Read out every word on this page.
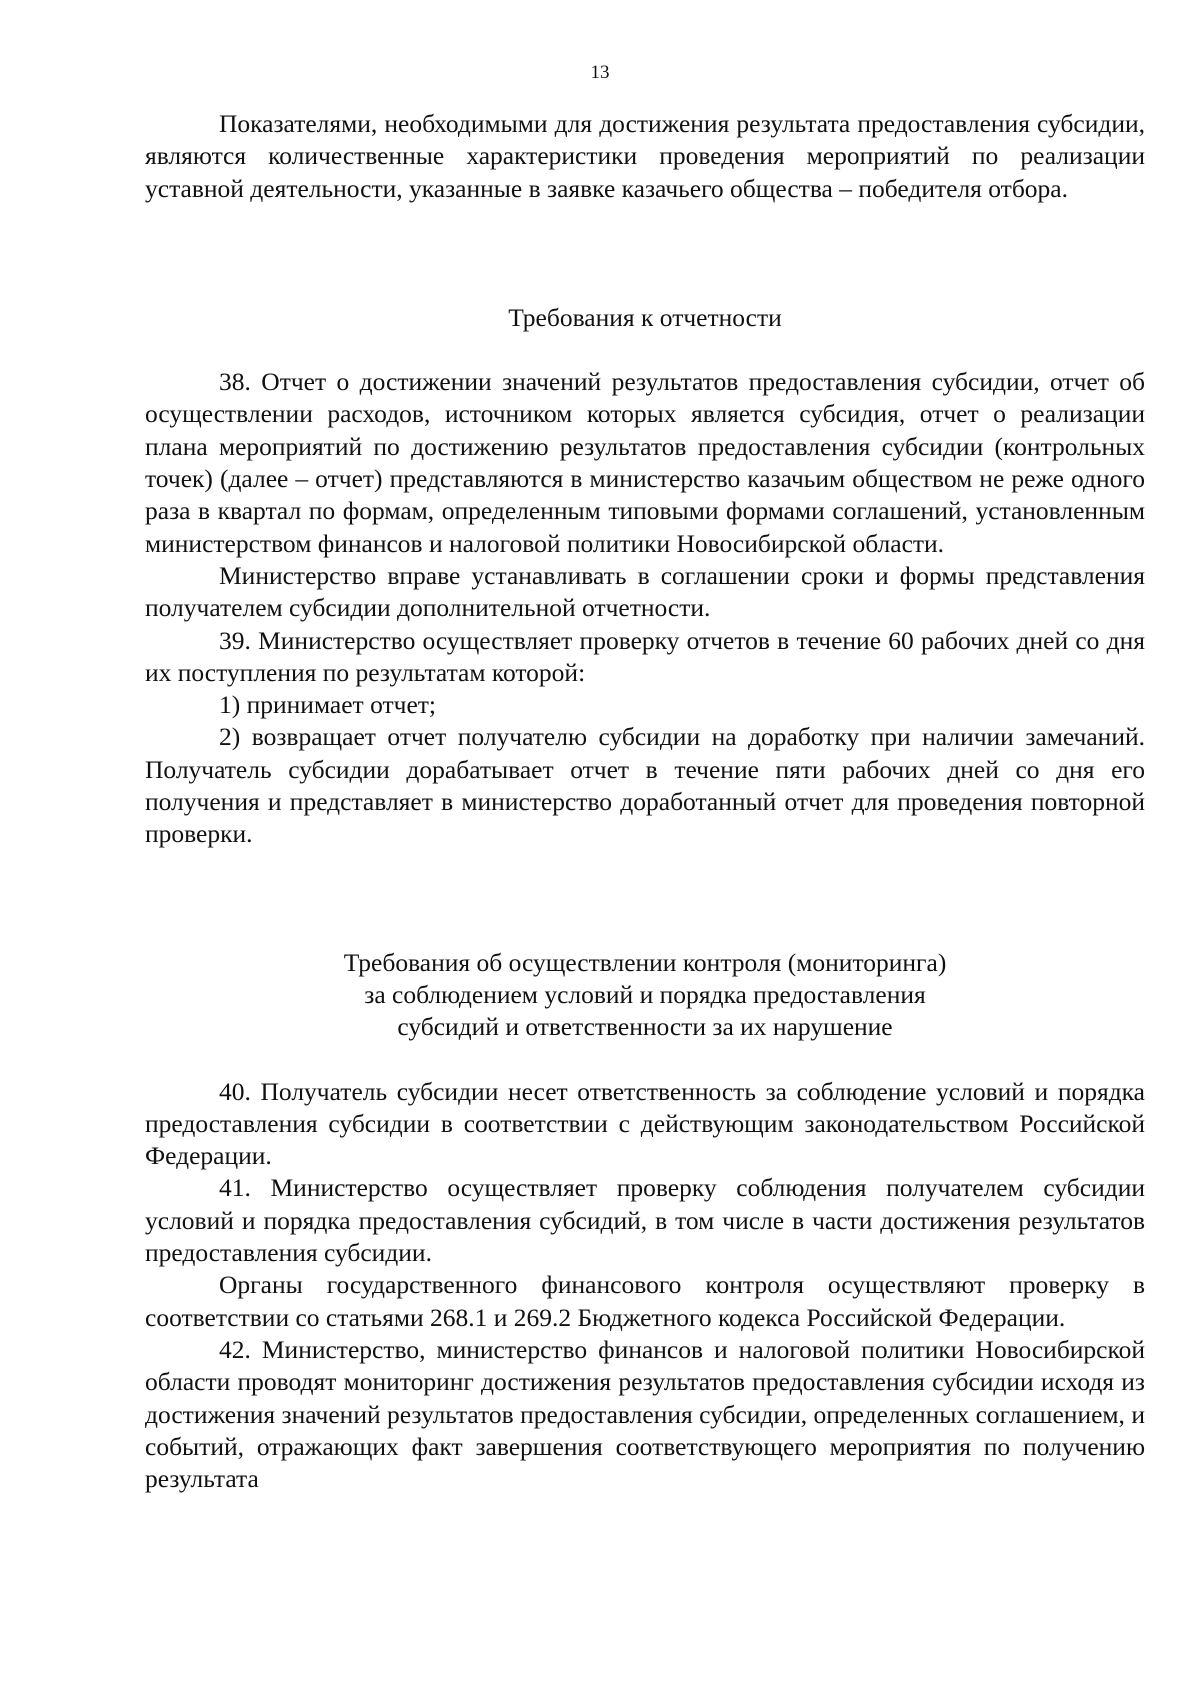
13

Показателями, необходимыми для достижения результата предоставления субсидии, являются количественные характеристики проведения мероприятий по реализации уставной деятельности, указанные в заявке казачьего общества – победителя отбора.

Требования к отчетности

38. Отчет о достижении значений результатов предоставления субсидии, отчет об осуществлении расходов, источником которых является субсидия, отчет о реализации плана мероприятий по достижению результатов предоставления субсидии (контрольных точек) (далее – отчет) представляются в министерство казачьим обществом не реже одного раза в квартал по формам, определенным типовыми формами соглашений, установленным министерством финансов и налоговой политики Новосибирской области.

Министерство вправе устанавливать в соглашении сроки и формы представления получателем субсидии дополнительной отчетности.

39. Министерство осуществляет проверку отчетов в течение 60 рабочих дней со дня их поступления по результатам которой:

1) принимает отчет;

2) возвращает отчет получателю субсидии на доработку при наличии замечаний. Получатель субсидии дорабатывает отчет в течение пяти рабочих дней со дня его получения и представляет в министерство доработанный отчет для проведения повторной проверки.

Требования об осуществлении контроля (мониторинга)

за соблюдением условий и порядка предоставления

субсидий и ответственности за их нарушение

40. Получатель субсидии несет ответственность за соблюдение условий и порядка предоставления субсидии в соответствии с действующим законодательством Российской Федерации.

41. Министерство осуществляет проверку соблюдения получателем субсидии условий и порядка предоставления субсидий, в том числе в части достижения результатов предоставления субсидии.

Органы государственного финансового контроля осуществляют проверку в соответствии со статьями 268.1 и 269.2 Бюджетного кодекса Российской Федерации.

42. Министерство, министерство финансов и налоговой политики Новосибирской области проводят мониторинг достижения результатов предоставления субсидии исходя из достижения значений результатов предоставления субсидии, определенных соглашением, и событий, отражающих факт завершения соответствующего мероприятия по получению результата
